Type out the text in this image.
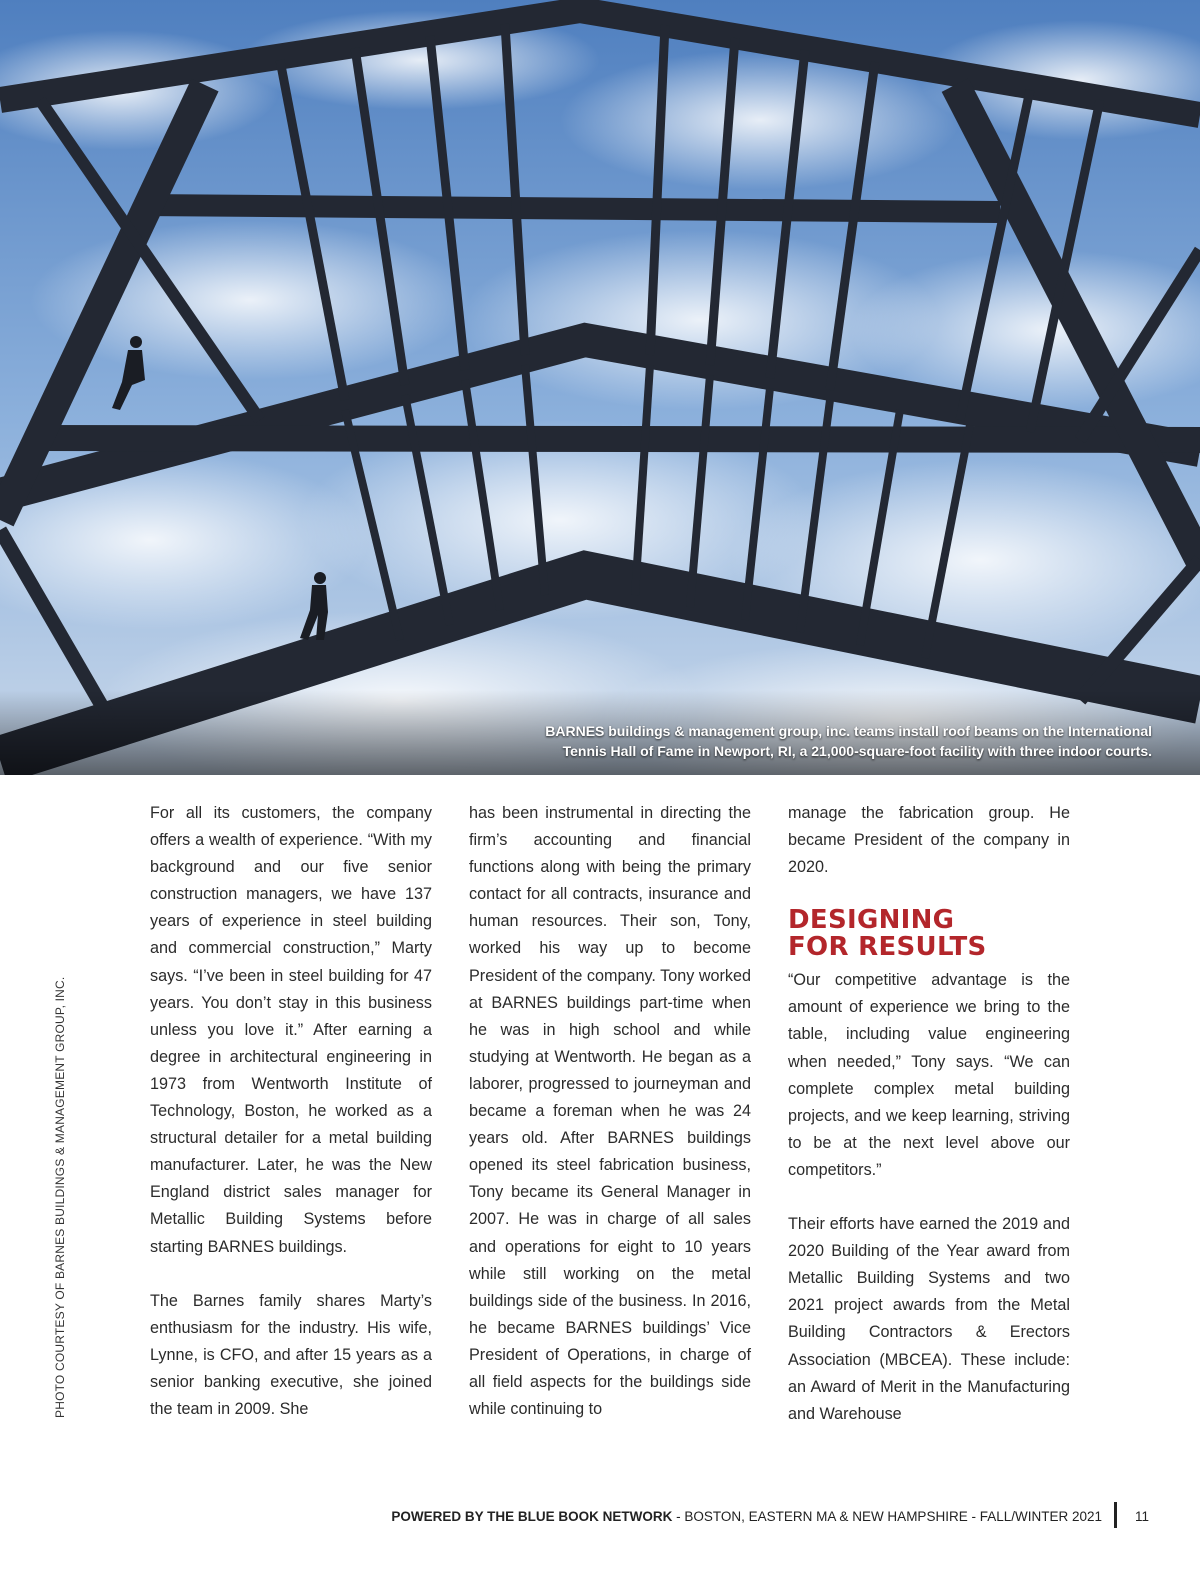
BARNES buildings & management group, inc. teams install roof beams on the International
Tennis Hall of Fame in Newport, RI, a 21,000-square-foot facility with three indoor courts.
PHOTO COURTESY OF BARNES BUILDINGS & MANAGEMENT GROUP, INC.

For all its customers, the company offers a wealth of experience. “With my background and our five senior construction managers, we have 137 years of experience in steel building and commercial construction,” Marty says. “I’ve been in steel building for 47 years. You don’t stay in this business unless you love it.” After earning a degree in architectural engineering in 1973 from Wentworth Institute of Technology, Boston, he worked as a structural detailer for a metal building manufacturer. Later, he was the New England district sales manager for Metallic Building Systems before starting BARNES buildings.

The Barnes family shares Marty’s enthusiasm for the industry. His wife, Lynne, is CFO, and after 15 years as a senior banking executive, she joined the team in 2009. She

has been instrumental in directing the firm’s accounting and financial functions along with being the primary contact for all contracts, insurance and human resources. Their son, Tony, worked his way up to become President of the company. Tony worked at BARNES buildings part-time when he was in high school and while studying at Wentworth. He began as a laborer, progressed to journeyman and became a foreman when he was 24 years old. After BARNES buildings opened its steel fabrication business, Tony became its General Manager in 2007. He was in charge of all sales and operations for eight to 10 years while still working on the metal buildings side of the business. In 2016, he became BARNES buildings’ Vice President of Operations, in charge of all field aspects for the buildings side while continuing to

manage the fabrication group. He became President of the company in 2020.

DESIGNING
FOR RESULTS

“Our competitive advantage is the amount of experience we bring to the table, including value engineering when needed,” Tony says. “We can complete complex metal building projects, and we keep learning, striving to be at the next level above our competitors.”

Their efforts have earned the 2019 and 2020 Building of the Year award from Metallic Building Systems and two 2021 project awards from the Metal Building Contractors & Erectors Association (MBCEA). These include: an Award of Merit in the Manufacturing and Warehouse

POWERED BY THE BLUE BOOK NETWORK - BOSTON, EASTERN MA & NEW HAMPSHIRE - FALL/WINTER 2021 11
